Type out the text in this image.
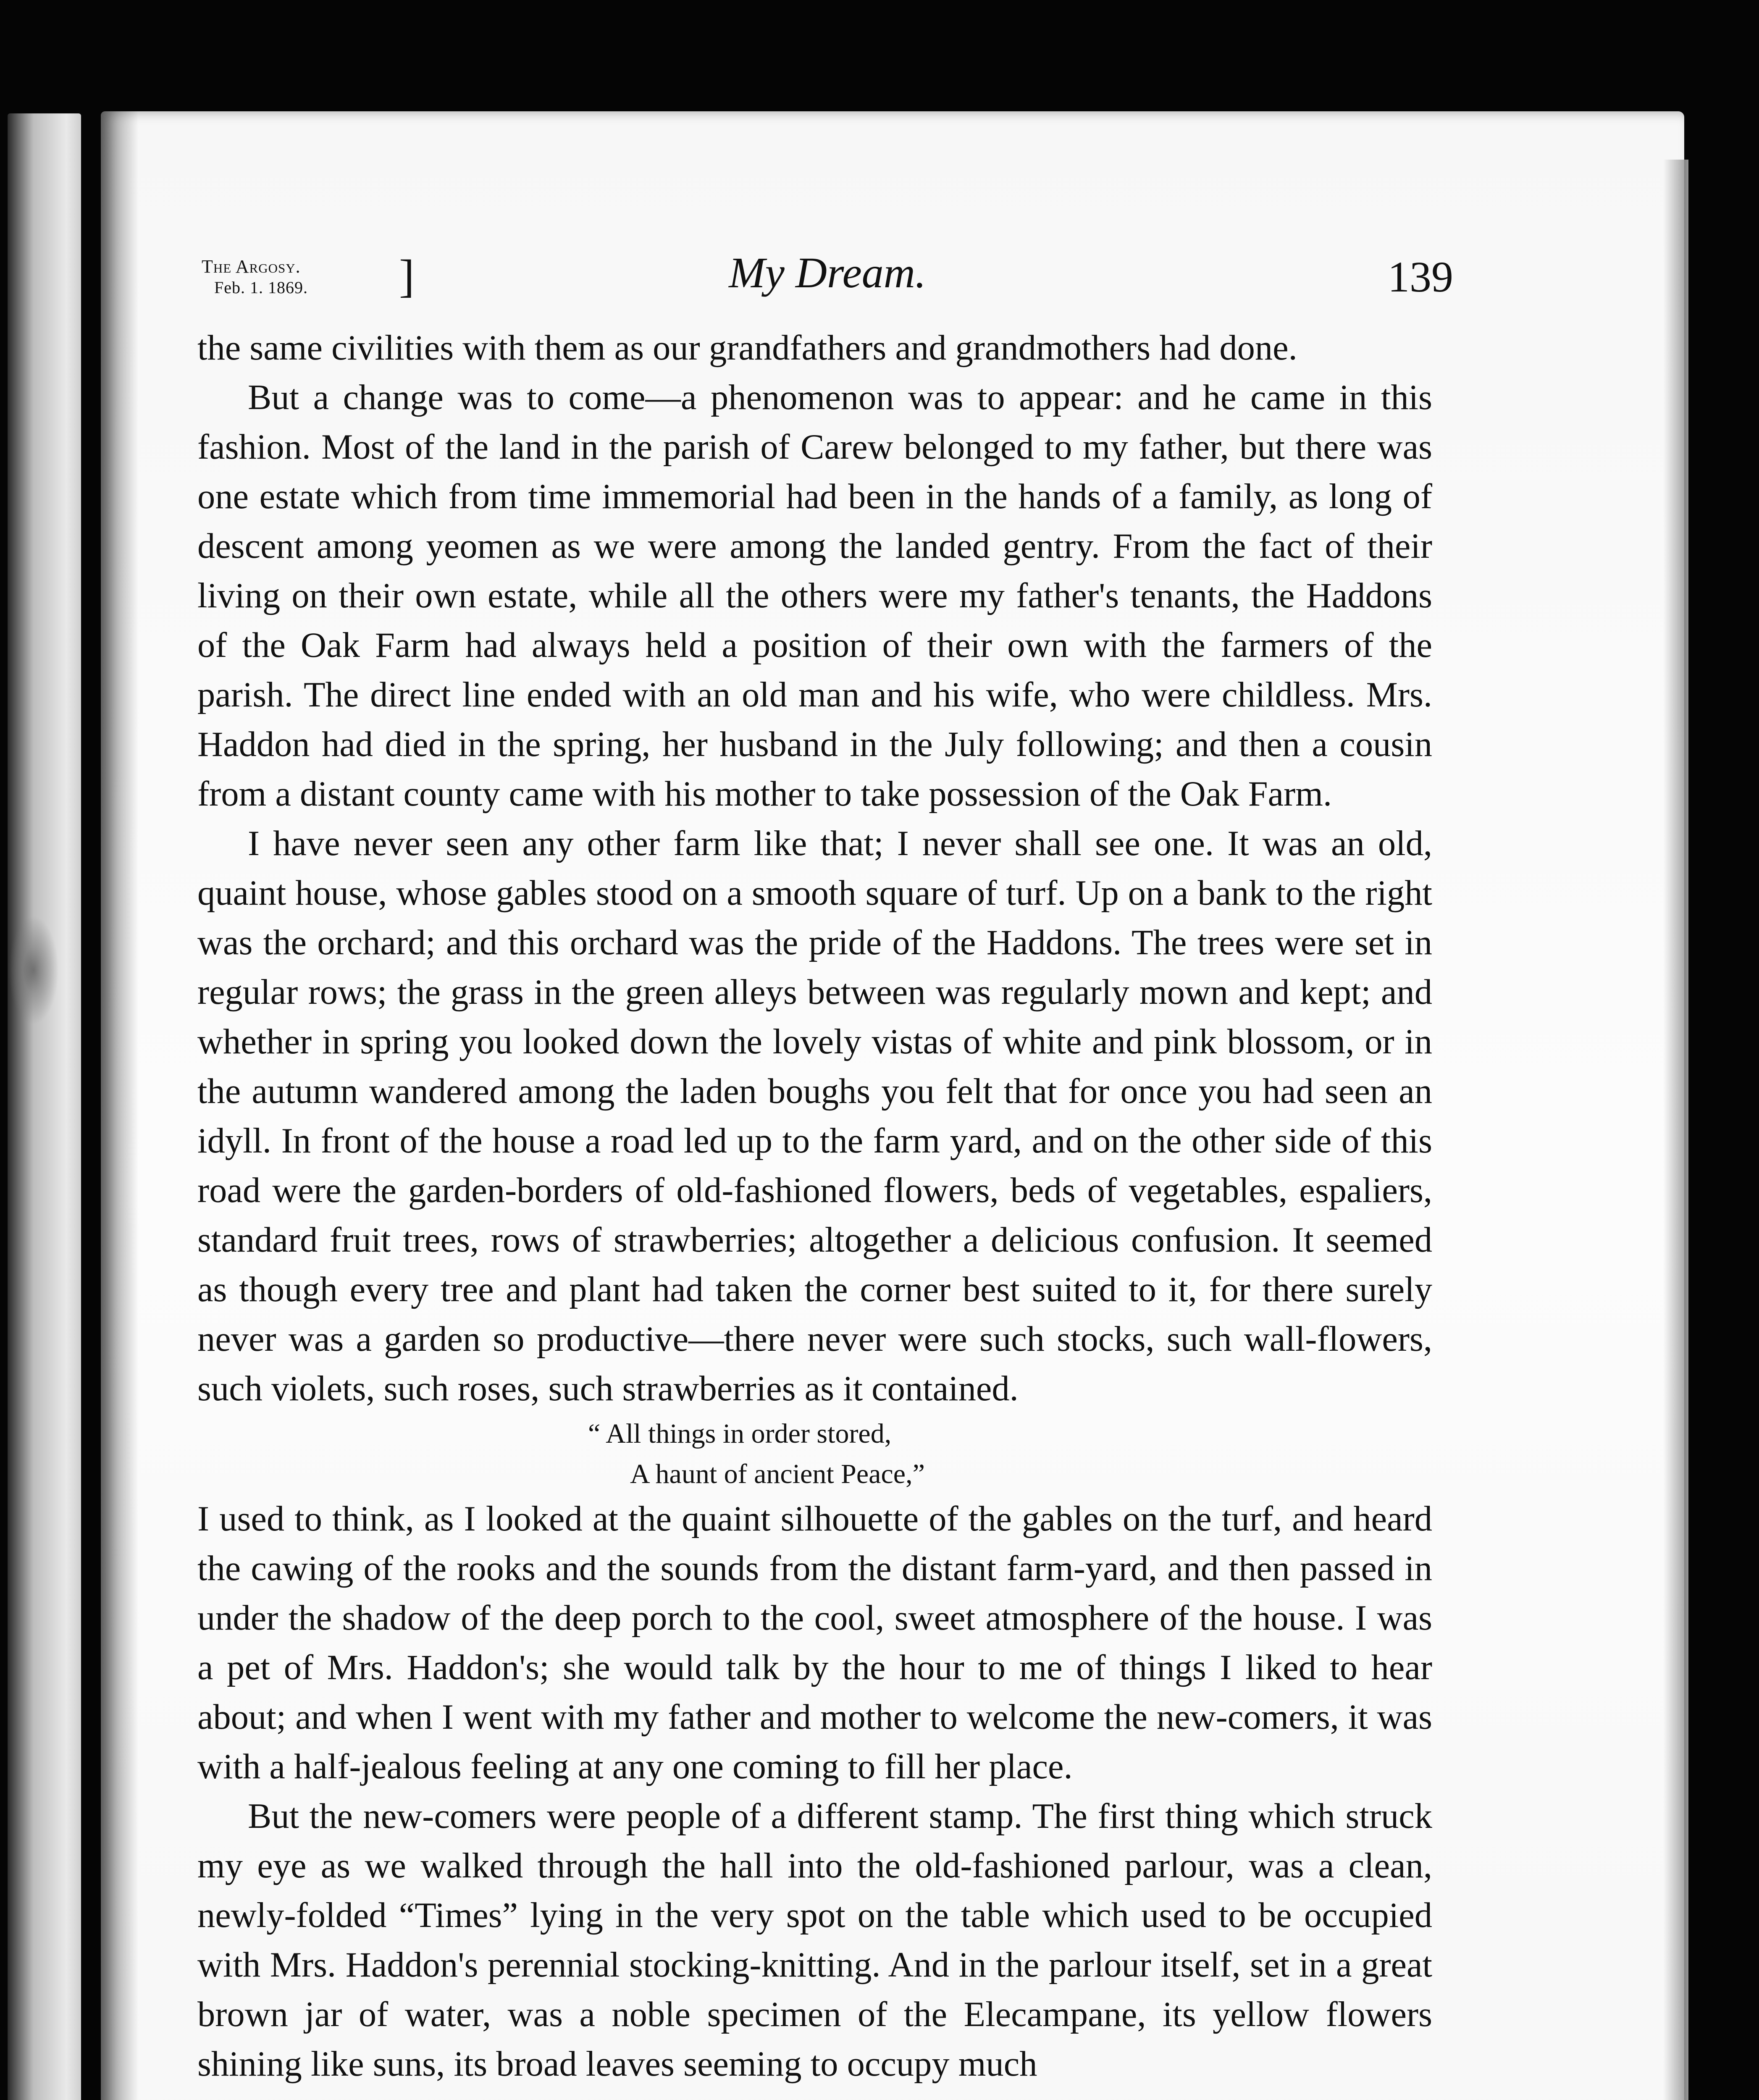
The Argosy.
Feb. 1. 1869. ]	My Dream.	139

the same civilities with them as our grandfathers and grandmothers had done.

But a change was to come—a phenomenon was to appear: and he came in this fashion. Most of the land in the parish of Carew belonged to my father, but there was one estate which from time immemorial had been in the hands of a family, as long of descent among yeomen as we were among the landed gentry. From the fact of their living on their own estate, while all the others were my father's tenants, the Haddons of the Oak Farm had always held a position of their own with the farmers of the parish. The direct line ended with an old man and his wife, who were childless. Mrs. Haddon had died in the spring, her husband in the July following; and then a cousin from a distant county came with his mother to take possession of the Oak Farm.

I have never seen any other farm like that; I never shall see one. It was an old, quaint house, whose gables stood on a smooth square of turf. Up on a bank to the right was the orchard; and this orchard was the pride of the Haddons. The trees were set in regular rows; the grass in the green alleys between was regularly mown and kept; and whether in spring you looked down the lovely vistas of white and pink blossom, or in the autumn wandered among the laden boughs you felt that for once you had seen an idyll. In front of the house a road led up to the farm yard, and on the other side of this road were the garden-borders of old-fashioned flowers, beds of vegetables, espaliers, standard fruit trees, rows of strawberries; altogether a delicious confusion. It seemed as though every tree and plant had taken the corner best suited to it, for there surely never was a garden so productive—there never were such stocks, such wall-flowers, such violets, such roses, such strawberries as it contained.

“ All things in order stored,
A haunt of ancient Peace,”

I used to think, as I looked at the quaint silhouette of the gables on the turf, and heard the cawing of the rooks and the sounds from the distant farm-yard, and then passed in under the shadow of the deep porch to the cool, sweet atmosphere of the house. I was a pet of Mrs. Haddon's; she would talk by the hour to me of things I liked to hear about; and when I went with my father and mother to welcome the new-comers, it was with a half-jealous feeling at any one coming to fill her place.

But the new-comers were people of a different stamp. The first thing which struck my eye as we walked through the hall into the old-fashioned parlour, was a clean, newly-folded “Times” lying in the very spot on the table which used to be occupied with Mrs. Haddon's perennial stocking-knitting. And in the parlour itself, set in a great brown jar of water, was a noble specimen of the Elecampane, its yellow flowers shining like suns, its broad leaves seeming to occupy much
